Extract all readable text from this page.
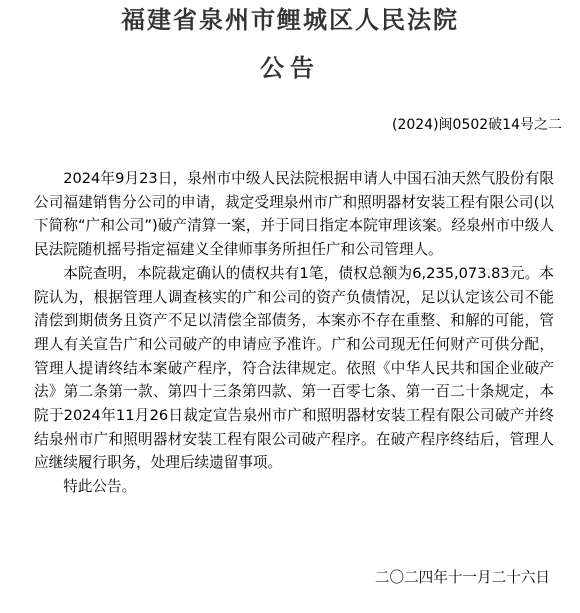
福建省泉州市鲤城区人民法院
公告
(2024)闽0502破14号之二

2024年9月23日，泉州市中级人民法院根据申请人中国石油天然气股份有限公司福建销售分公司的申请，裁定受理泉州市广和照明器材安装工程有限公司(以下简称“广和公司”)破产清算一案，并于同日指定本院审理该案。经泉州市中级人民法院随机摇号指定福建义全律师事务所担任广和公司管理人。

本院查明，本院裁定确认的债权共有1笔，债权总额为6,235,073.83元。本院认为，根据管理人调查核实的广和公司的资产负债情况，足以认定该公司不能清偿到期债务且资产不足以清偿全部债务，本案亦不存在重整、和解的可能，管理人有关宣告广和公司破产的申请应予准许。广和公司现无任何财产可供分配，管理人提请终结本案破产程序，符合法律规定。依照《中华人民共和国企业破产法》第二条第一款、第四十三条第四款、第一百零七条、第一百二十条规定，本院于2024年11月26日裁定宣告泉州市广和照明器材安装工程有限公司破产并终结泉州市广和照明器材安装工程有限公司破产程序。在破产程序终结后，管理人应继续履行职务，处理后续遗留事项。

特此公告。

二〇二四年十一月二十六日
